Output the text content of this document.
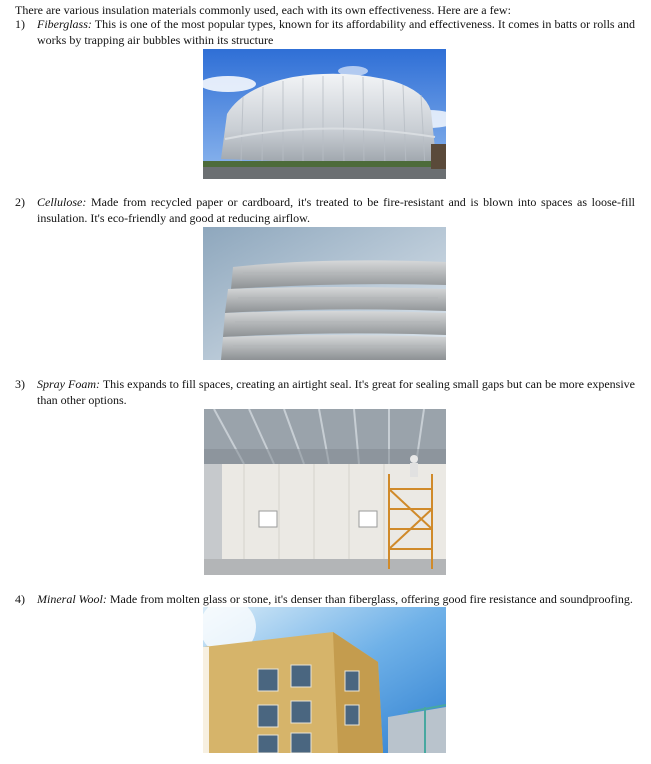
There are various insulation materials commonly used, each with its own effectiveness. Here are a few:
1)	Fiberglass: This is one of the most popular types, known for its affordability and effectiveness. It comes in batts or rolls and works by trapping air bubbles within its structure
2)	Cellulose: Made from recycled paper or cardboard, it's treated to be fire-resistant and is blown into spaces as loose-fill insulation. It's eco-friendly and good at reducing airflow.
3)	Spray Foam: This expands to fill spaces, creating an airtight seal. It's great for sealing small gaps but can be more expensive than other options.
4)	Mineral Wool: Made from molten glass or stone, it's denser than fiberglass, offering good fire resistance and soundproofing.
